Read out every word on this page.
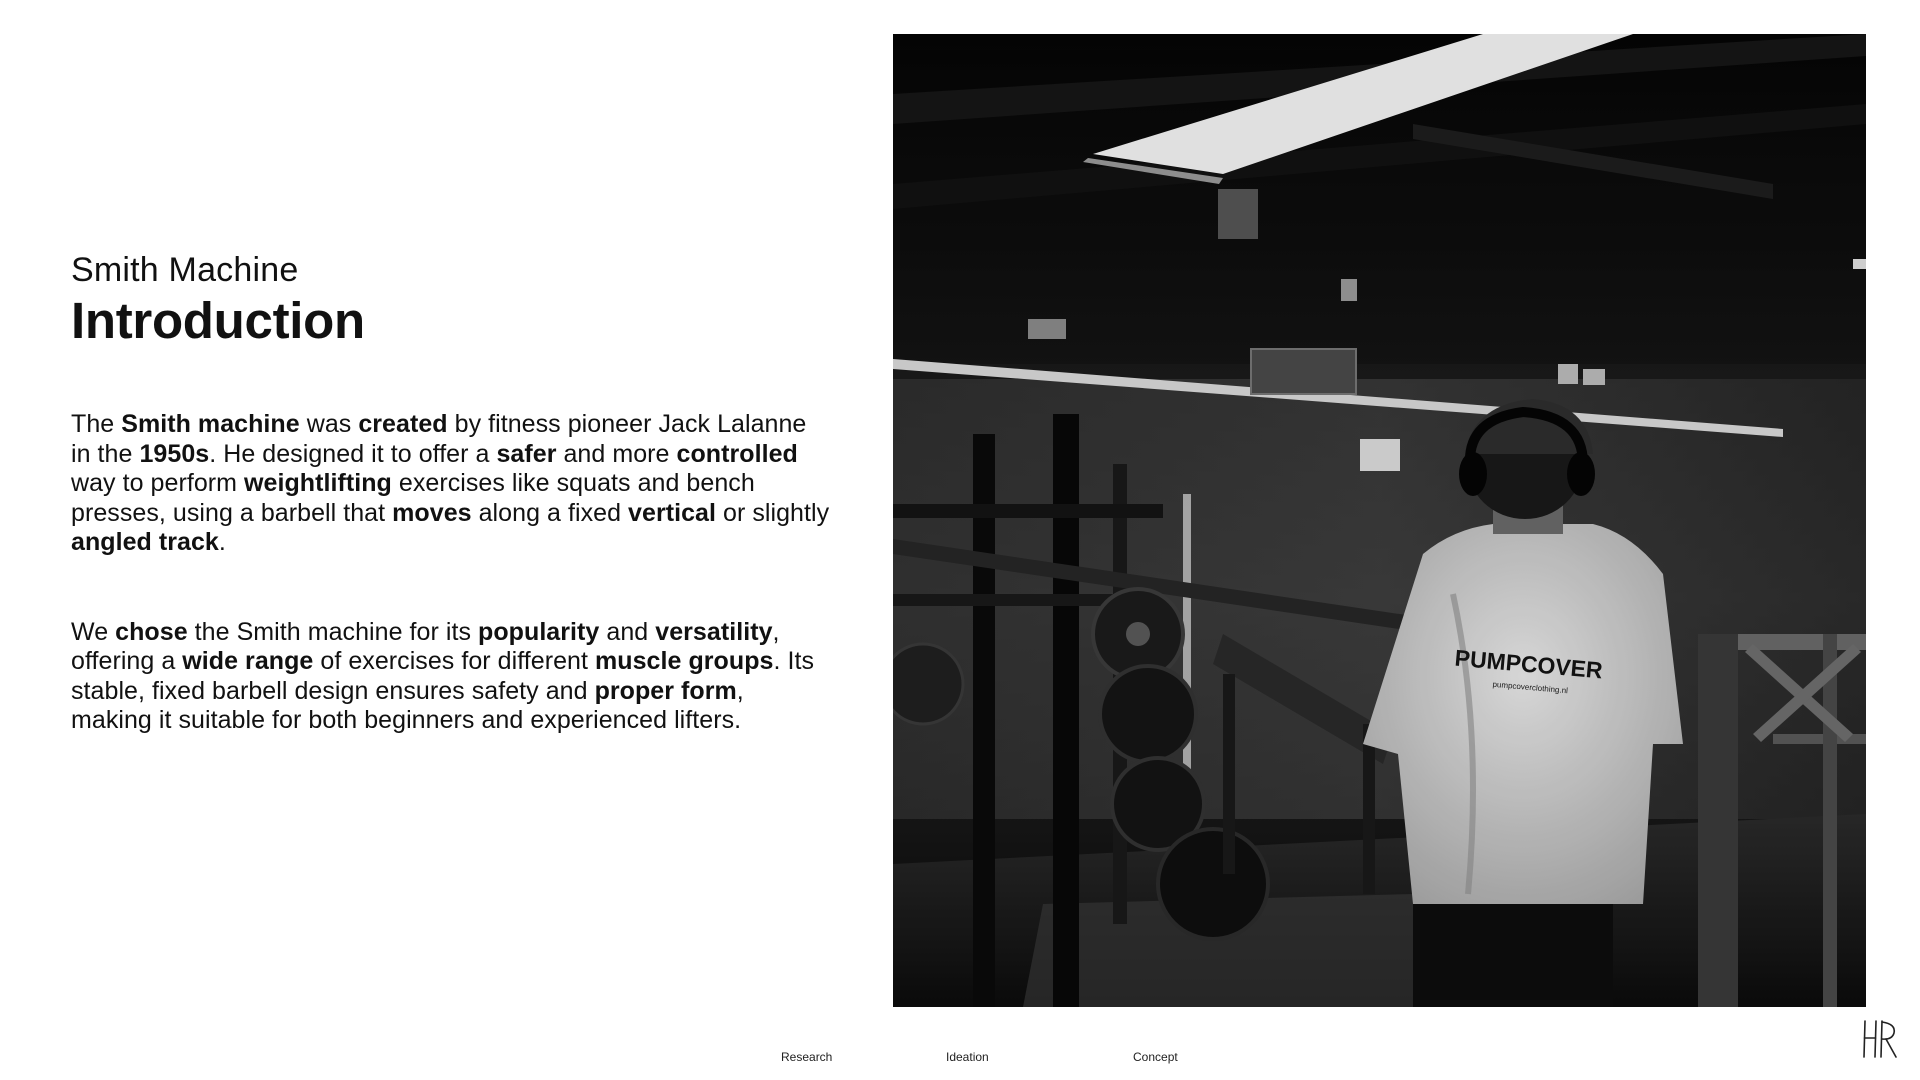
Smith Machine
Introduction

The Smith machine was created by fitness pioneer Jack Lalanne in the 1950s. He designed it to offer a safer and more controlled way to perform weightlifting exercises like squats and bench presses, using a barbell that moves along a fixed vertical or slightly angled track.

We chose the Smith machine for its popularity and versatility, offering a wide range of exercises for different muscle groups. Its stable, fixed barbell design ensures safety and proper form, making it suitable for both beginners and experienced lifters.

PUMPCOVER
pumpcoverclothing.nl
Research	Ideation	Concept
